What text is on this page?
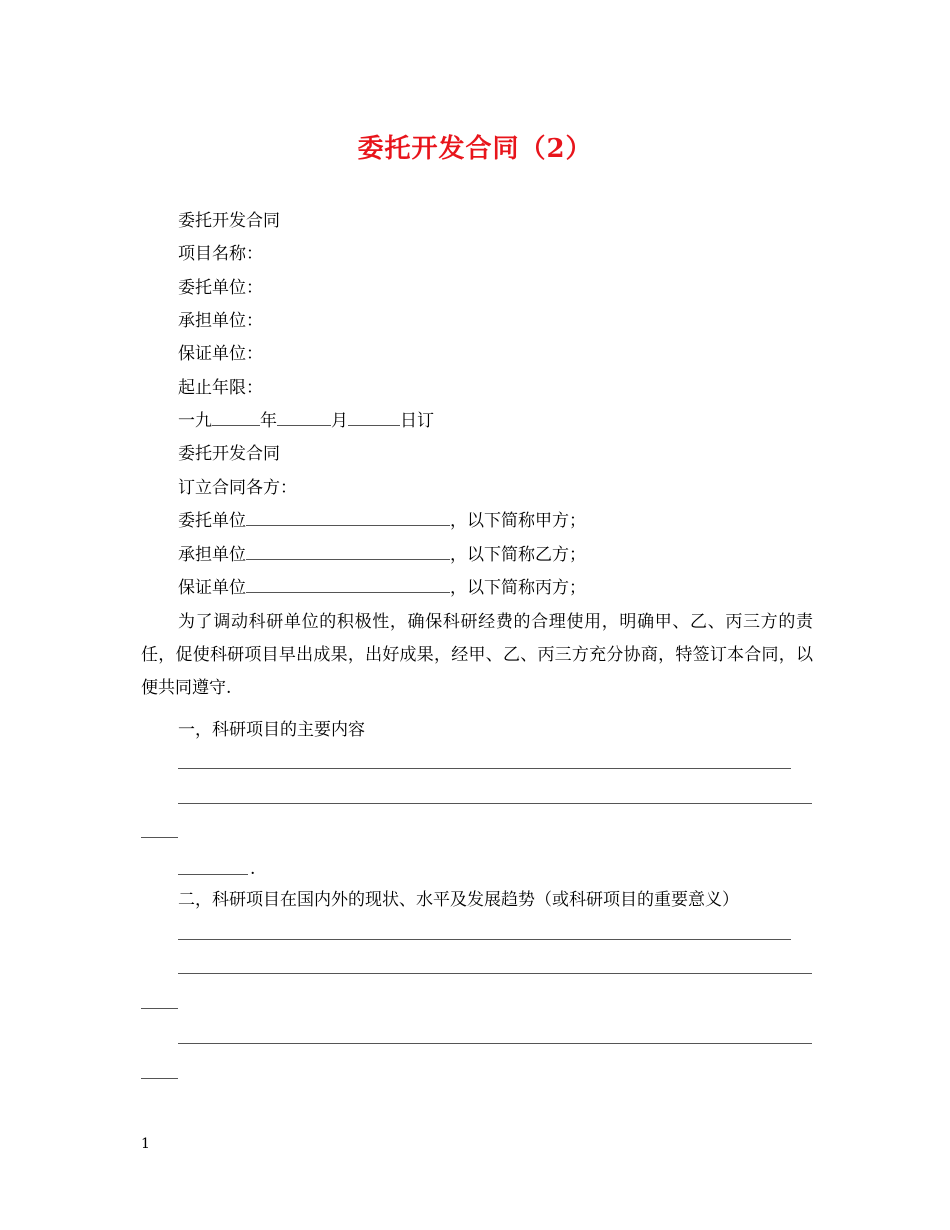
委托开发合同（2）
委托开发合同
项目名称：
委托单位：
承担单位：
保证单位：
起止年限：
一九	年	月	日订
委托开发合同
订立合同各方：
委托单位	，以下简称甲方；
承担单位	，以下简称乙方；
保证单位	，以下简称丙方；
为了调动科研单位的积极性，确保科研经费的合理使用，明确甲、乙、丙三方的责任，促使科研项目早出成果，出好成果，经甲、乙、丙三方充分协商，特签订本合同，以便共同遵守.
一，科研项目的主要内容
.
二，科研项目在国内外的现状、水平及发展趋势（或科研项目的重要意义）
1
